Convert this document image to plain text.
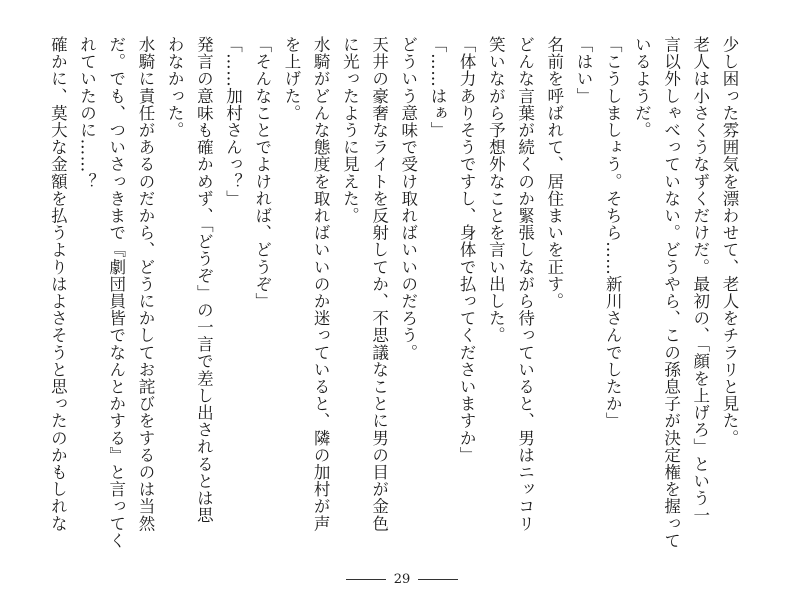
少し困った雰囲気を漂わせて、老人をチラリと見た。
老人は小さくうなずくだけだ。最初の、「顔を上げろ」という一
言以外しゃべっていない。どうやら、この孫息子が決定権を握って
いるようだ。
「こうしましょう。そちら……新川さんでしたか」
「はい」
名前を呼ばれて、居住まいを正す。
どんな言葉が続くのか緊張しながら待っていると、男はニッコリ
笑いながら予想外なことを言い出した。
「体力ありそうですし、身体で払ってくださいますか」
「……はぁ」
どういう意味で受け取ればいいのだろう。
天井の豪奢なライトを反射してか、不思議なことに男の目が金色
に光ったように見えた。
水騎がどんな態度を取ればいいのか迷っていると、隣の加村が声
を上げた。
「そんなことでよければ、どうぞ」
「……加村さんっ？」
発言の意味も確かめず、「どうぞ」の一言で差し出されるとは思
わなかった。
水騎に責任があるのだから、どうにかしてお詫びをするのは当然
だ。でも、ついさっきまで『劇団員皆でなんとかする』と言ってく
れていたのに……？
確かに、莫大な金額を払うよりはよさそうと思ったのかもしれな
29
